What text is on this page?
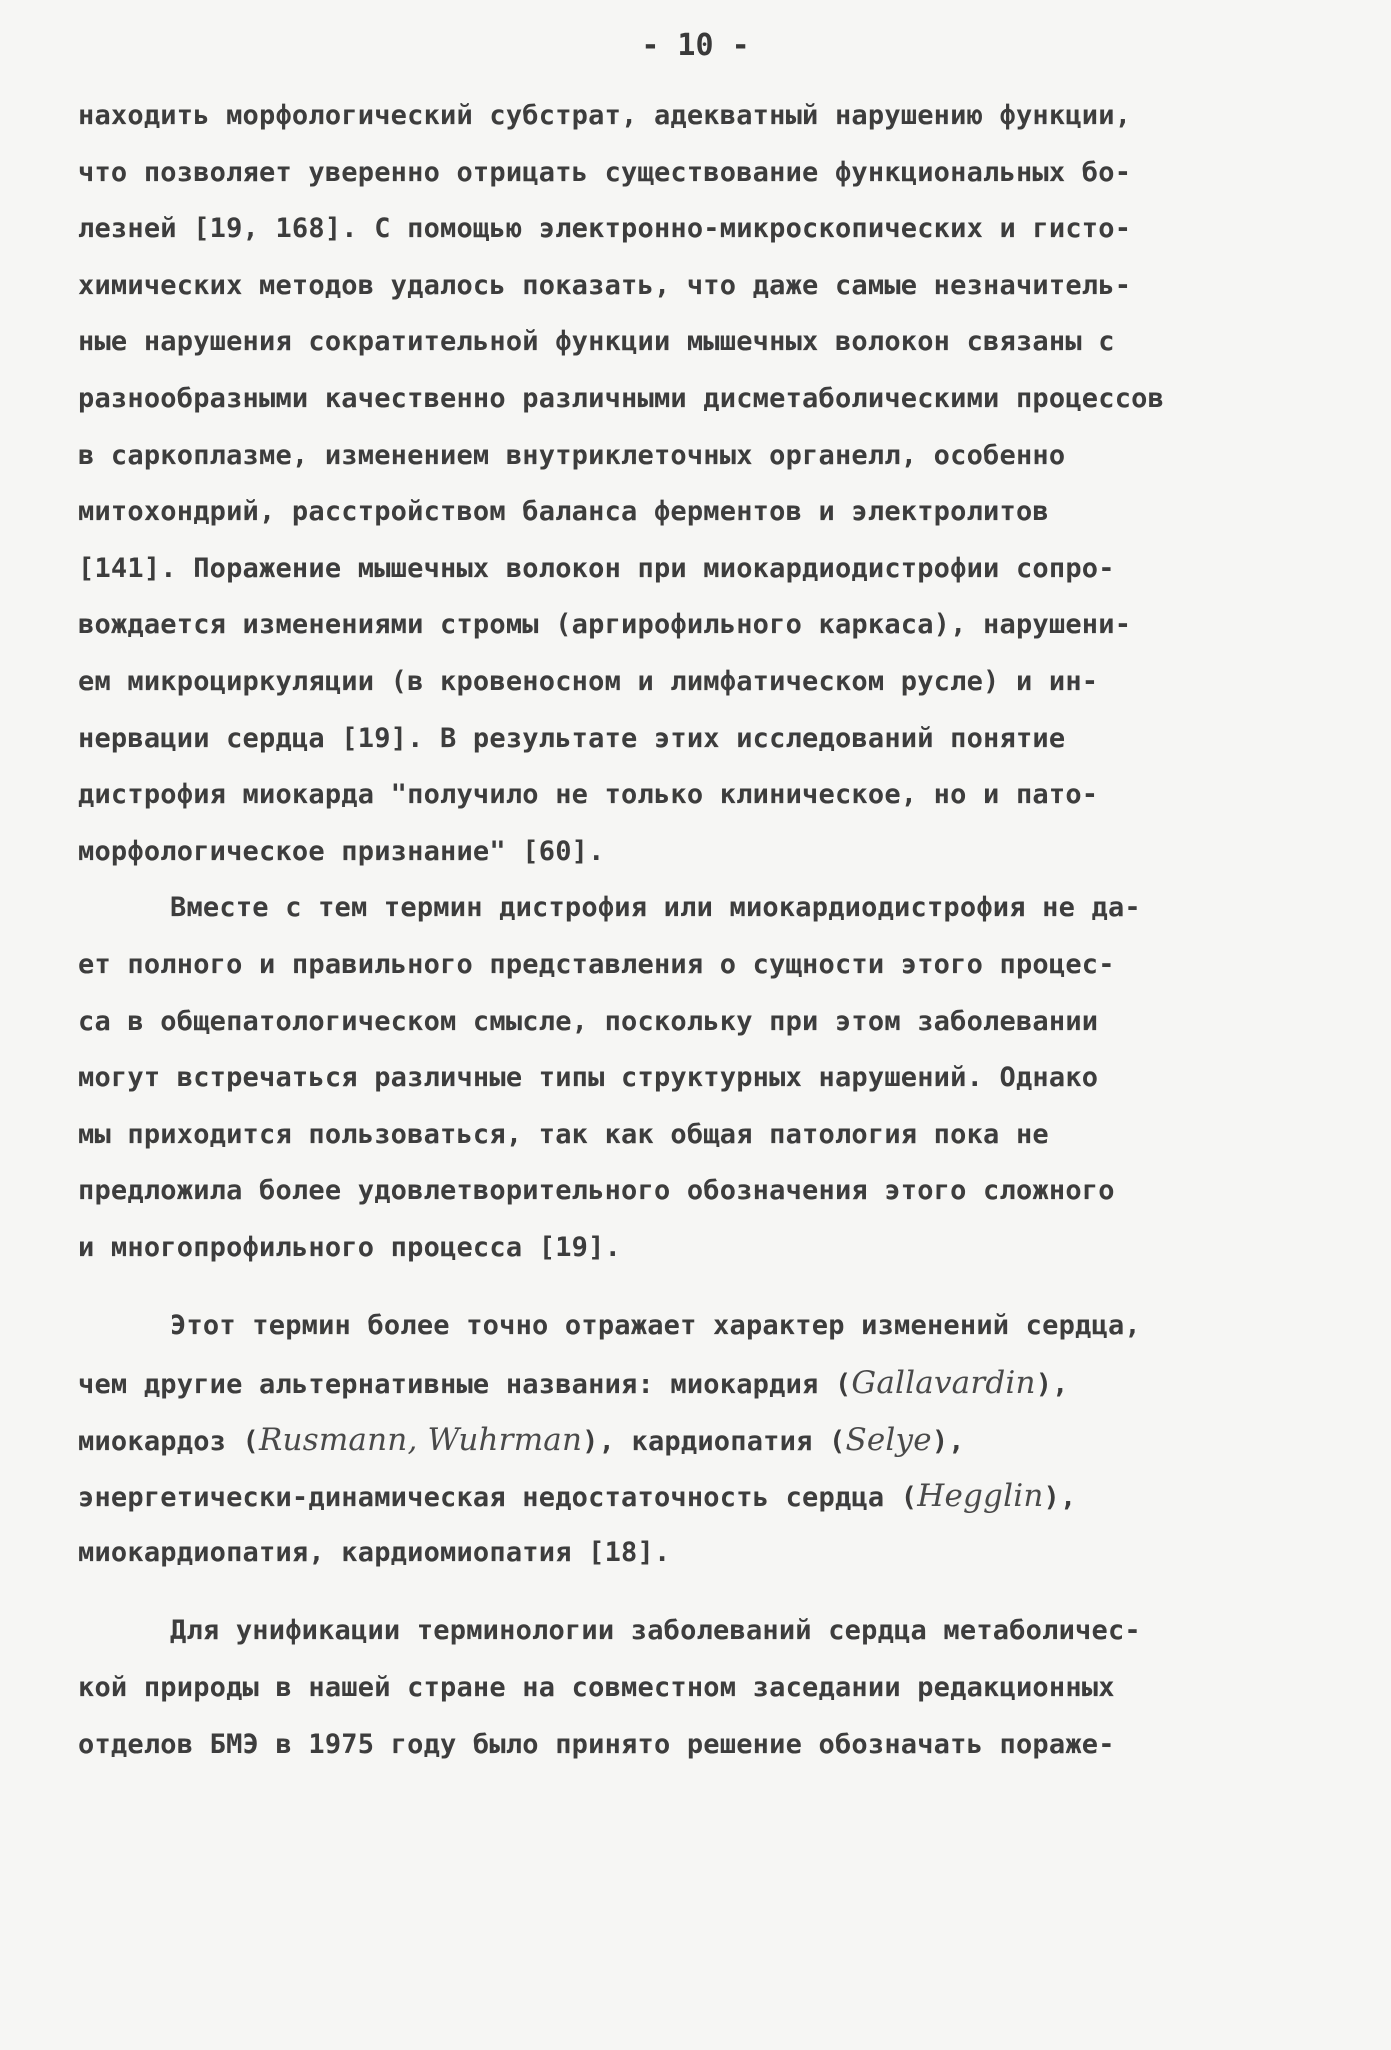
- 10 -
находить морфологический субстрат, адекватный нарушению функции,
что позволяет уверенно отрицать существование функциональных бо-
лезней [19, 168]. С помощью электронно-микроскопических и гисто-
химических методов удалось показать, что даже самые незначитель-
ные нарушения сократительной функции мышечных волокон связаны с
разнообразными качественно различными дисметаболическими процессов
в саркоплазме, изменением внутриклеточных органелл, особенно
митохондрий, расстройством баланса ферментов и электролитов
[141]. Поражение мышечных волокон при миокардиодистрофии сопро-
вождается изменениями стромы (аргирофильного каркаса), нарушени-
ем микроциркуляции (в кровеносном и лимфатическом русле) и ин-
нервации сердца [19]. В результате этих исследований понятие
дистрофия миокарда "получило не только клиническое, но и пато-
морфологическое признание" [60].
Вместе с тем термин дистрофия или миокардиодистрофия не да-
ет полного и правильного представления о сущности этого процес-
са в общепатологическом смысле, поскольку при этом заболевании
могут встречаться различные типы структурных нарушений. Однако
мы приходится пользоваться, так как общая патология пока не
предложила более удовлетворительного обозначения этого сложного
и многопрофильного процесса [19].
Этот термин более точно отражает характер изменений сердца,
чем другие альтернативные названия: миокардия (Gallavardin),
миокардоз (Rusmann, Wuhrman), кардиопатия (Selye),
энергетически-динамическая недостаточность сердца (Hegglin),
миокардиопатия, кардиомиопатия [18].
Для унификации терминологии заболеваний сердца метаболичес-
кой природы в нашей стране на совместном заседании редакционных
отделов БМЭ в 1975 году было принято решение обозначать пораже-
